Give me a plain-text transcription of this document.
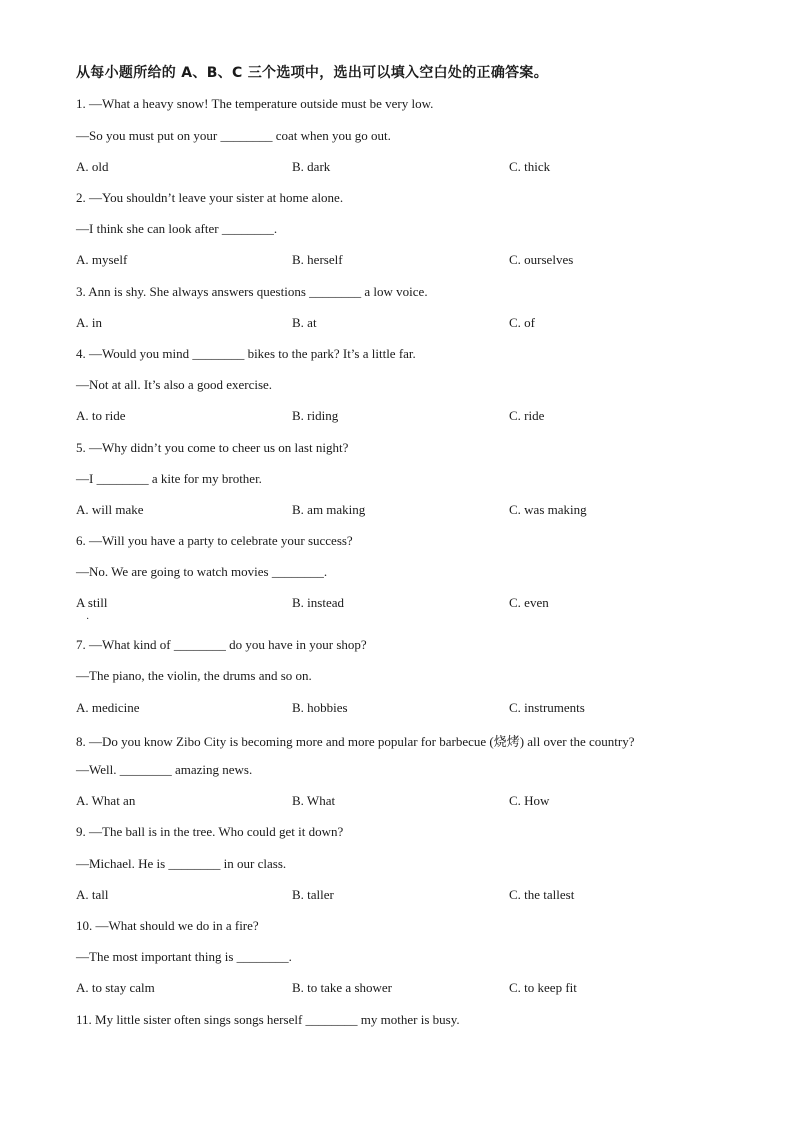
从每小题所给的 A、B、C 三个选项中，选出可以填入空白处的正确答案。
1. —What a heavy snow! The temperature outside must be very low.
—So you must put on your ________ coat when you go out.
A. old	B. dark	C. thick
2. —You shouldn’t leave your sister at home alone.
—I think she can look after ________.
A. myself	B. herself	C. ourselves
3. Ann is shy. She always answers questions ________ a low voice.
A. in	B. at	C. of
4. —Would you mind ________ bikes to the park? It’s a little far.
—Not at all. It’s also a good exercise.
A. to ride	B. riding	C. ride
5. —Why didn’t you come to cheer us on last night?
—I ________ a kite for my brother.
A. will make	B. am making	C. was making
6. —Will you have a party to celebrate your success?
—No. We are going to watch movies ________.
A still	B. instead	C. even
·
7. —What kind of ________ do you have in your shop?
—The piano, the violin, the drums and so on.
A. medicine	B. hobbies	C. instruments
8. —Do you know Zibo City is becoming more and more popular for barbecue (烧烤) all over the country?
—Well. ________ amazing news.
A. What an	B. What	C. How
9. —The ball is in the tree. Who could get it down?
—Michael. He is ________ in our class.
A. tall	B. taller	C. the tallest
10. —What should we do in a fire?
—The most important thing is ________.
A. to stay calm	B. to take a shower	C. to keep fit
11. My little sister often sings songs herself ________ my mother is busy.
